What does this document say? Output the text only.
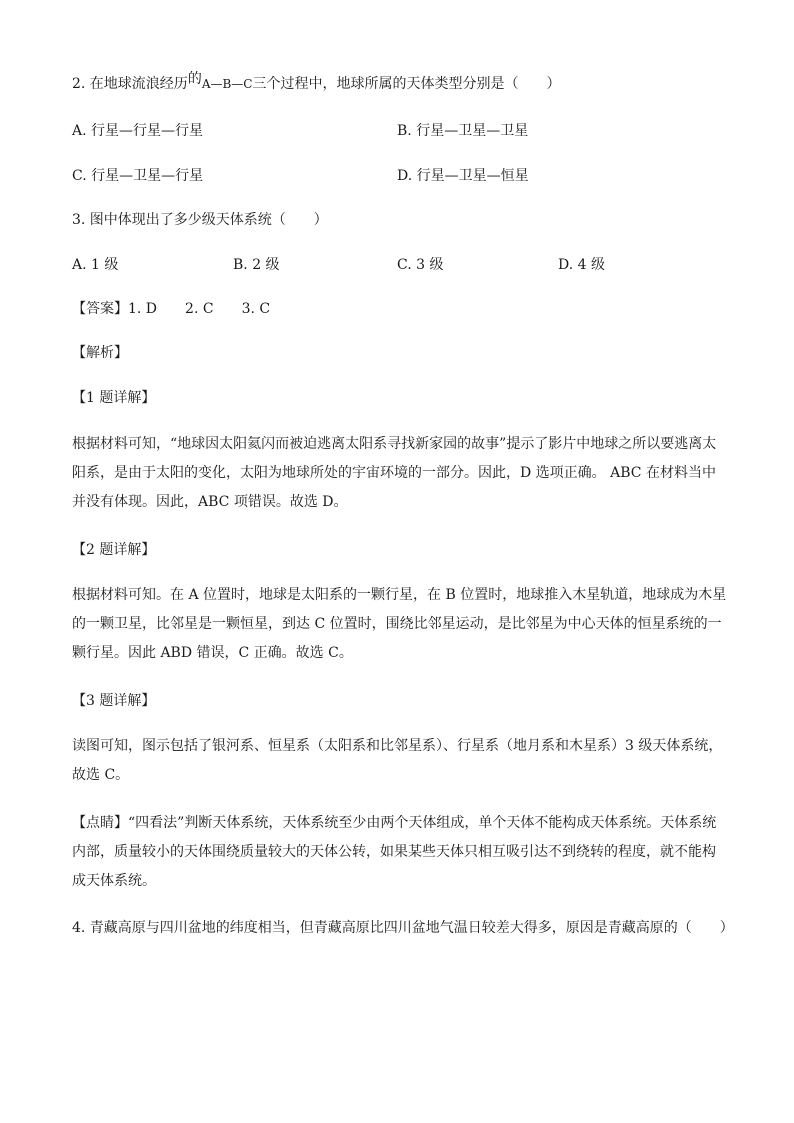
2. 在地球流浪经历的A—B—C三个过程中，地球所属的天体类型分别是（　　）
A. 行星—行星—行星	B. 行星—卫星—卫星
C. 行星—卫星—行星	D. 行星—卫星—恒星
3. 图中体现出了多少级天体系统（　　）
A. 1 级	B. 2 级	C. 3 级	D. 4 级
【答案】1. D 2. C 3. C
【解析】
【1 题详解】
根据材料可知，“地球因太阳氦闪而被迫逃离太阳系寻找新家园的故事”提示了影片中地球之所以要逃离太
阳系，是由于太阳的变化，太阳为地球所处的宇宙环境的一部分。因此，D 选项正确。 ABC 在材料当中
并没有体现。因此，ABC 项错误。故选 D。
【2 题详解】
根据材料可知。在 A 位置时，地球是太阳系的一颗行星，在 B 位置时，地球推入木星轨道，地球成为木星
的一颗卫星，比邻星是一颗恒星，到达 C 位置时，围绕比邻星运动，是比邻星为中心天体的恒星系统的一
颗行星。因此 ABD 错误，C 正确。故选 C。
【3 题详解】
读图可知，图示包括了银河系、恒星系（太阳系和比邻星系）、行星系（地月系和木星系）3 级天体系统，
故选 C。
【点睛】“四看法”判断天体系统，天体系统至少由两个天体组成，单个天体不能构成天体系统。天体系统
内部，质量较小的天体围绕质量较大的天体公转，如果某些天体只相互吸引达不到绕转的程度，就不能构
成天体系统。
4. 青藏高原与四川盆地的纬度相当，但青藏高原比四川盆地气温日较差大得多，原因是青藏高原的（　　）
